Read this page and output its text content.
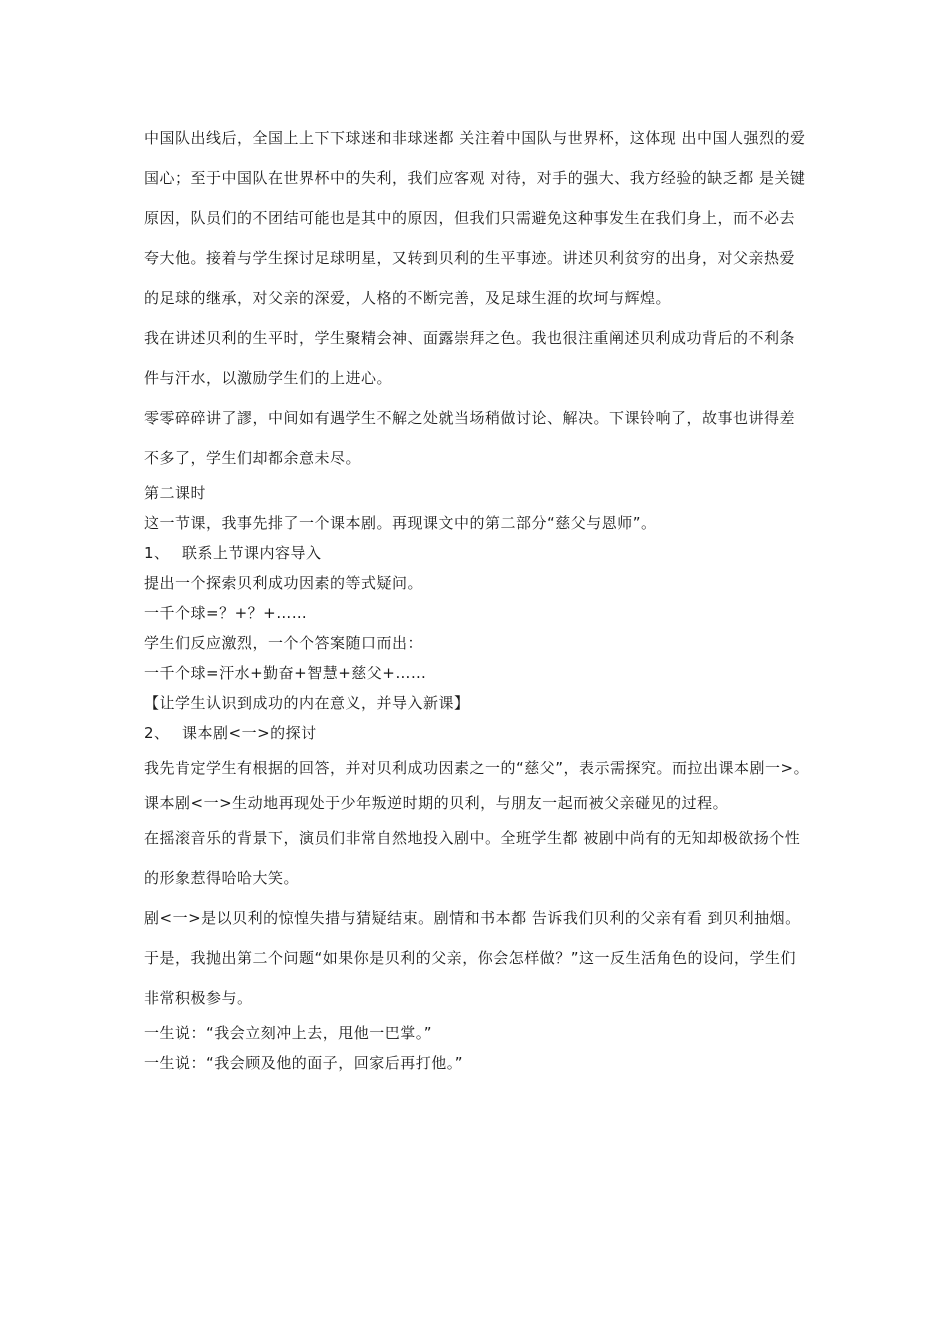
中国队出线后，全国上上下下球迷和非球迷都 关注着中国队与世界杯，这体现 出中国人强烈的爱国心；至于中国队在世界杯中的失利，我们应客观 对待，对手的强大、我方经验的缺乏都 是关键原因，队员们的不团结可能也是其中的原因，但我们只需避免这种事发生在我们身上，而不必去夸大他。接着与学生探讨足球明星，又转到贝利的生平事迹。讲述贝利贫穷的出身，对父亲热爱的足球的继承，对父亲的深爱，人格的不断完善，及足球生涯的坎坷与辉煌。

我在讲述贝利的生平时，学生聚精会神、面露崇拜之色。我也很注重阐述贝利成功背后的不利条件与汗水，以激励学生们的上进心。

零零碎碎讲了謬，中间如有遇学生不解之处就当场稍做讨论、解决。下课铃响了，故事也讲得差不多了，学生们却都余意未尽。

第二课时

这一节课，我事先排了一个课本剧。再现课文中的第二部分“慈父与恩师”。

1、 联系上节课内容导入

提出一个探索贝利成功因素的等式疑问。

一千个球=？+？+……

学生们反应激烈，一个个答案随口而出：

一千个球=汗水+勤奋+智慧+慈父+……

【让学生认识到成功的内在意义，并导入新课】

2、 课本剧<一>的探讨

我先肯定学生有根据的回答，并对贝利成功因素之一的“慈父”，表示需探究。而拉出课本剧一>。

课本剧<一>生动地再现处于少年叛逆时期的贝利，与朋友一起而被父亲碰见的过程。

在摇滚音乐的背景下，演员们非常自然地投入剧中。全班学生都 被剧中尚有的无知却极欲扬个性的形象惹得哈哈大笑。

剧<一>是以贝利的惊惶失措与猜疑结束。剧情和书本都 告诉我们贝利的父亲有看 到贝利抽烟。于是，我抛出第二个问题“如果你是贝利的父亲，你会怎样做？”这一反生活角色的设问，学生们非常积极参与。

一生说：“我会立刻冲上去，甩他一巴掌。”

一生说：“我会顾及他的面子，回家后再打他。”
